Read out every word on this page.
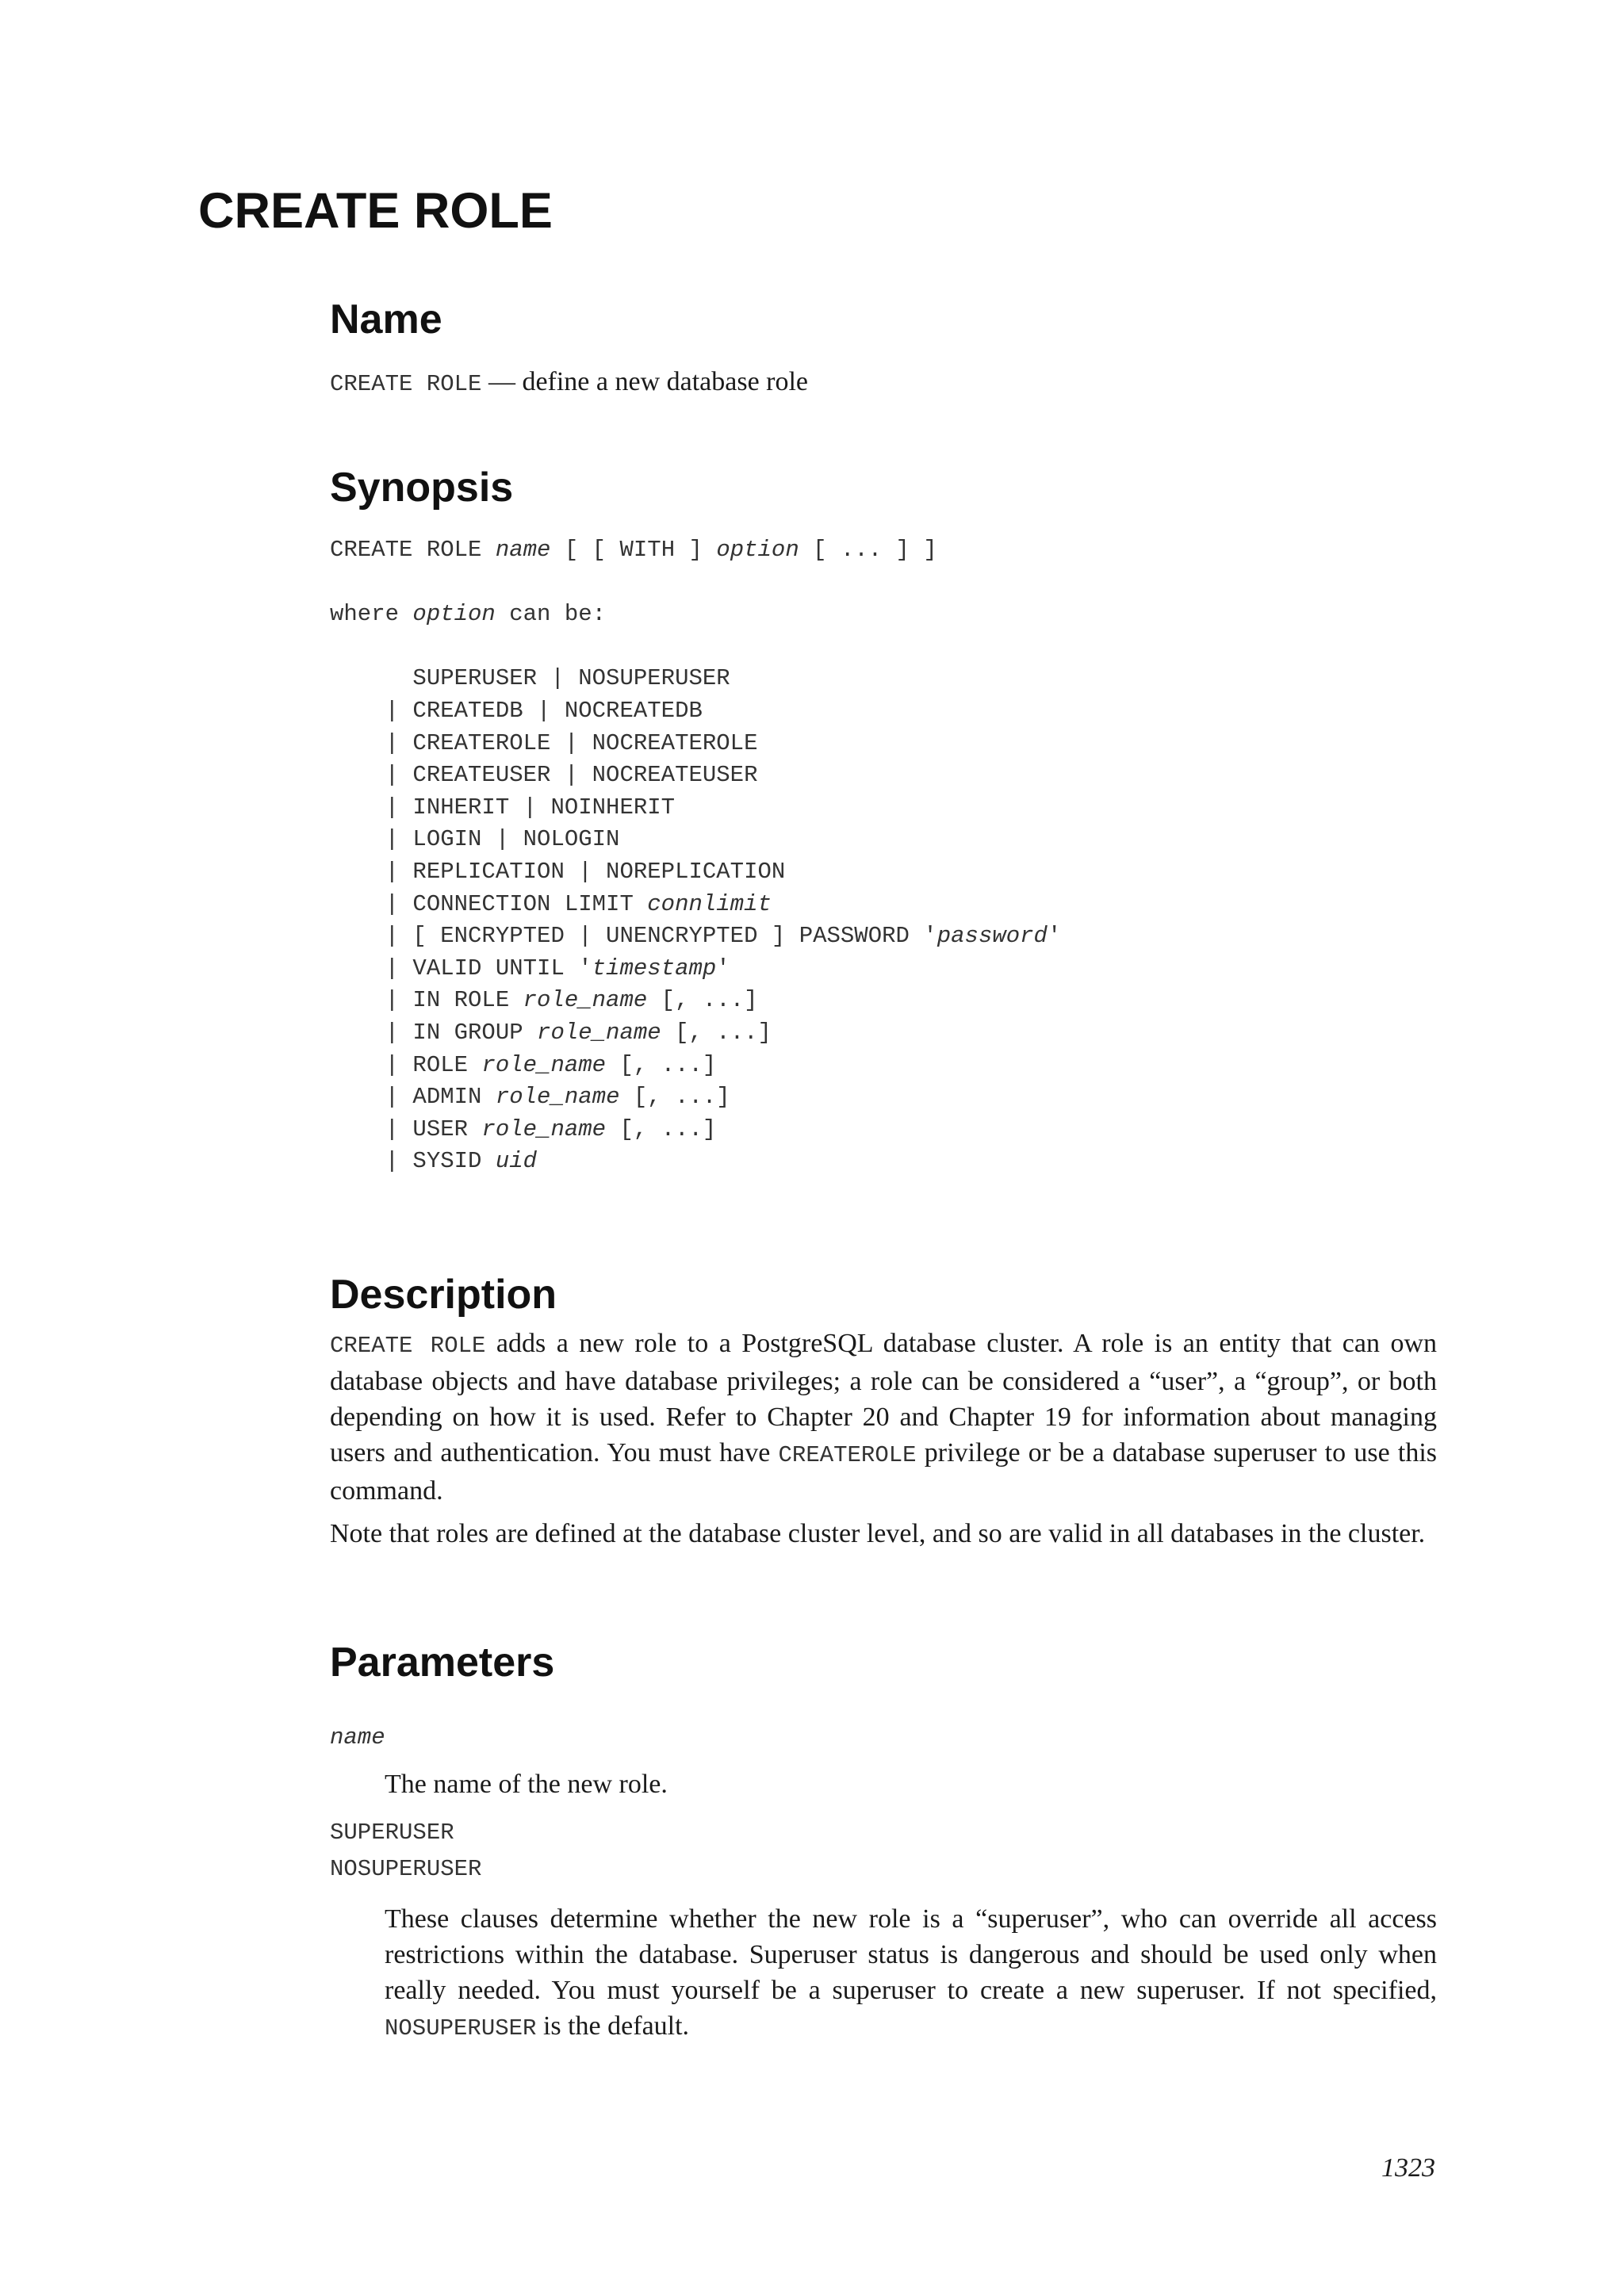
CREATE ROLE
Name
CREATE ROLE — define a new database role
Synopsis
CREATE ROLE name [ [ WITH ] option [ ... ] ]
where option can be:
SUPERUSER | NOSUPERUSER
| CREATEDB | NOCREATEDB
| CREATEROLE | NOCREATEROLE
| CREATEUSER | NOCREATEUSER
| INHERIT | NOINHERIT
| LOGIN | NOLOGIN
| REPLICATION | NOREPLICATION
| CONNECTION LIMIT connlimit
| [ ENCRYPTED | UNENCRYPTED ] PASSWORD 'password'
| VALID UNTIL 'timestamp'
| IN ROLE role_name [, ...]
| IN GROUP role_name [, ...]
| ROLE role_name [, ...]
| ADMIN role_name [, ...]
| USER role_name [, ...]
| SYSID uid
Description

CREATE ROLE adds a new role to a PostgreSQL database cluster. A role is an entity that can own database objects and have database privileges; a role can be considered a “user”, a “group”, or both depending on how it is used. Refer to Chapter 20 and Chapter 19 for information about managing users and authentication. You must have CREATEROLE privilege or be a database superuser to use this command.

Note that roles are defined at the database cluster level, and so are valid in all databases in the cluster.

Parameters

name

The name of the new role.

SUPERUSER

NOSUPERUSER

These clauses determine whether the new role is a “superuser”, who can override all access restrictions within the database. Superuser status is dangerous and should be used only when really needed. You must yourself be a superuser to create a new superuser. If not specified, NOSUPERUSER is the default.

1323
